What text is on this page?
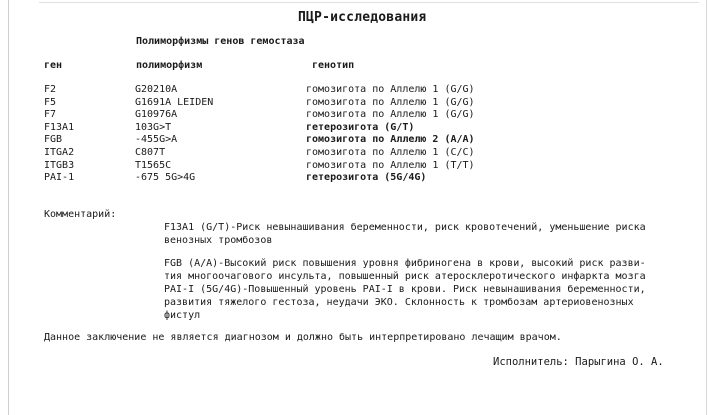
ПЦР-исследования
Полиморфизмы генов гемостаза
ген	полиморфизм	генотип
F2	G20210A	гомозигота по Аллелю 1 (G/G)
F5	G1691A LEIDEN	гомозигота по Аллелю 1 (G/G)
F7	G10976A	гомозигота по Аллелю 1 (G/G)
F13A1	103G>T	гетерозигота (G/T)
FGB	-455G>A	гомозигота по Аллелю 2 (A/A)
ITGA2	C807T	гомозигота по Аллелю 1 (C/C)
ITGB3	T1565C	гомозигота по Аллелю 1 (T/T)
PAI-1	-675 5G>4G	гетерозигота (5G/4G)
Комментарий:
F13A1 (G/T)-Риск невынашивания беременности, риск кровотечений, уменьшение риска
венозных тромбозов
FGB (A/A)-Высокий риск повышения уровня фибриногена в крови, высокий риск разви-
тия многоочагового инсульта, повышенный риск атеросклеротического инфаркта мозга
PAI-I (5G/4G)-Повышенный уровень PAI-I в крови. Риск невынашивания беременности,
развития тяжелого гестоза, неудачи ЭКО. Склонность к тромбозам артериовенозных
фистул
Данное заключение не является диагнозом и должно быть интерпретировано лечащим врачом.
Исполнитель: Парыгина О. А.
